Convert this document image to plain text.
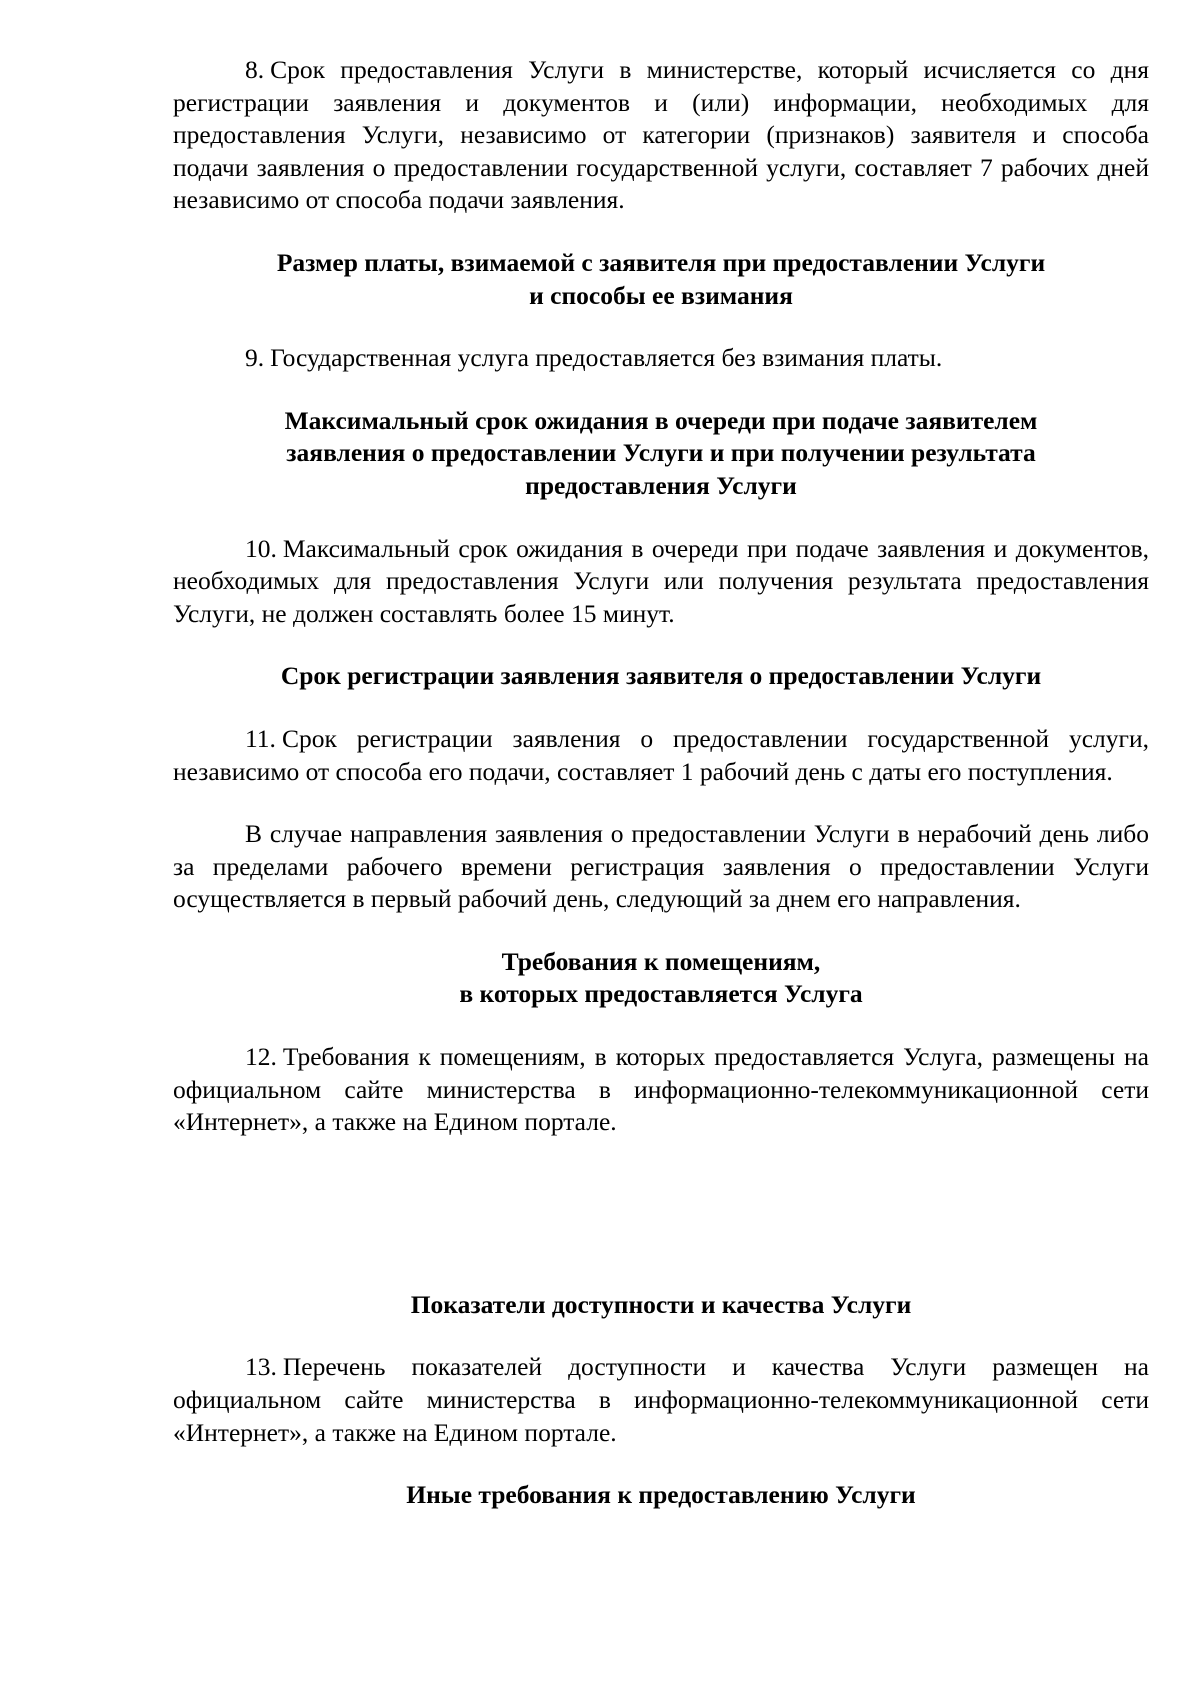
8. Срок предоставления Услуги в министерстве, который исчисляется со дня регистрации заявления и документов и (или) информации, необходимых для предоставления Услуги, независимо от категории (признаков) заявителя и способа подачи заявления о предоставлении государственной услуги, составляет 7 рабочих дней независимо от способа подачи заявления.

Размер платы, взимаемой с заявителя при предоставлении Услуги
и способы ее взимания

9. Государственная услуга предоставляется без взимания платы.

Максимальный срок ожидания в очереди при подаче заявителем
заявления о предоставлении Услуги и при получении результата
предоставления Услуги

10. Максимальный срок ожидания в очереди при подаче заявления и документов, необходимых для предоставления Услуги или получения результата предоставления Услуги, не должен составлять более 15 минут.

Срок регистрации заявления заявителя о предоставлении Услуги

11. Срок регистрации заявления о предоставлении государственной услуги, независимо от способа его подачи, составляет 1 рабочий день с даты его поступления.

В случае направления заявления о предоставлении Услуги в нерабочий день либо за пределами рабочего времени регистрация заявления о предоставлении Услуги осуществляется в первый рабочий день, следующий за днем его направления.

Требования к помещениям,
в которых предоставляется Услуга

12. Требования к помещениям, в которых предоставляется Услуга, размещены на официальном сайте министерства в информационно-телекоммуникационной сети «Интернет», а также на Едином портале.

Показатели доступности и качества Услуги

13. Перечень показателей доступности и качества Услуги размещен на официальном сайте министерства в информационно-телекоммуникационной сети «Интернет», а также на Едином портале.

Иные требования к предоставлению Услуги
